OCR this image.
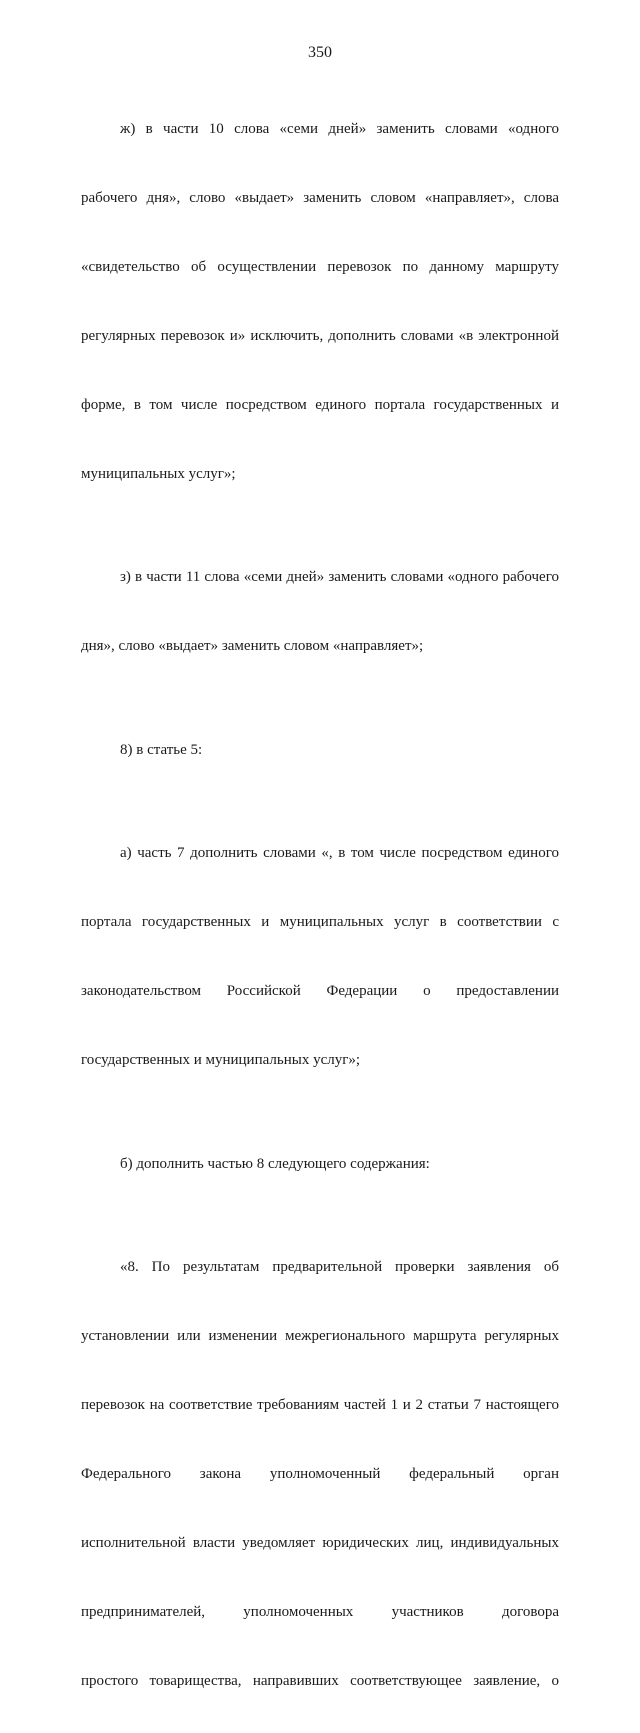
350

ж) в части 10 слова «семи дней» заменить словами «одного

рабочего дня», слово «выдает» заменить словом «направляет», слова

«свидетельство об осуществлении перевозок по данному маршруту

регулярных перевозок и» исключить, дополнить словами «в электронной

форме, в том числе посредством единого портала государственных и

муниципальных услуг»;

з) в части 11 слова «семи дней» заменить словами «одного рабочего

дня», слово «выдает» заменить словом «направляет»;

8) в статье 5:

а) часть 7 дополнить словами «, в том числе посредством единого

портала государственных и муниципальных услуг в соответствии с

законодательством Российской Федерации о предоставлении

государственных и муниципальных услуг»;

б) дополнить частью 8 следующего содержания:

«8. По результатам предварительной проверки заявления об

установлении или изменении межрегионального маршрута регулярных

перевозок на соответствие требованиям частей 1 и 2 статьи 7 настоящего

Федерального закона уполномоченный федеральный орган

исполнительной власти уведомляет юридических лиц, индивидуальных

предпринимателей, уполномоченных участников договора

простого товарищества, направивших соответствующее заявление, о
